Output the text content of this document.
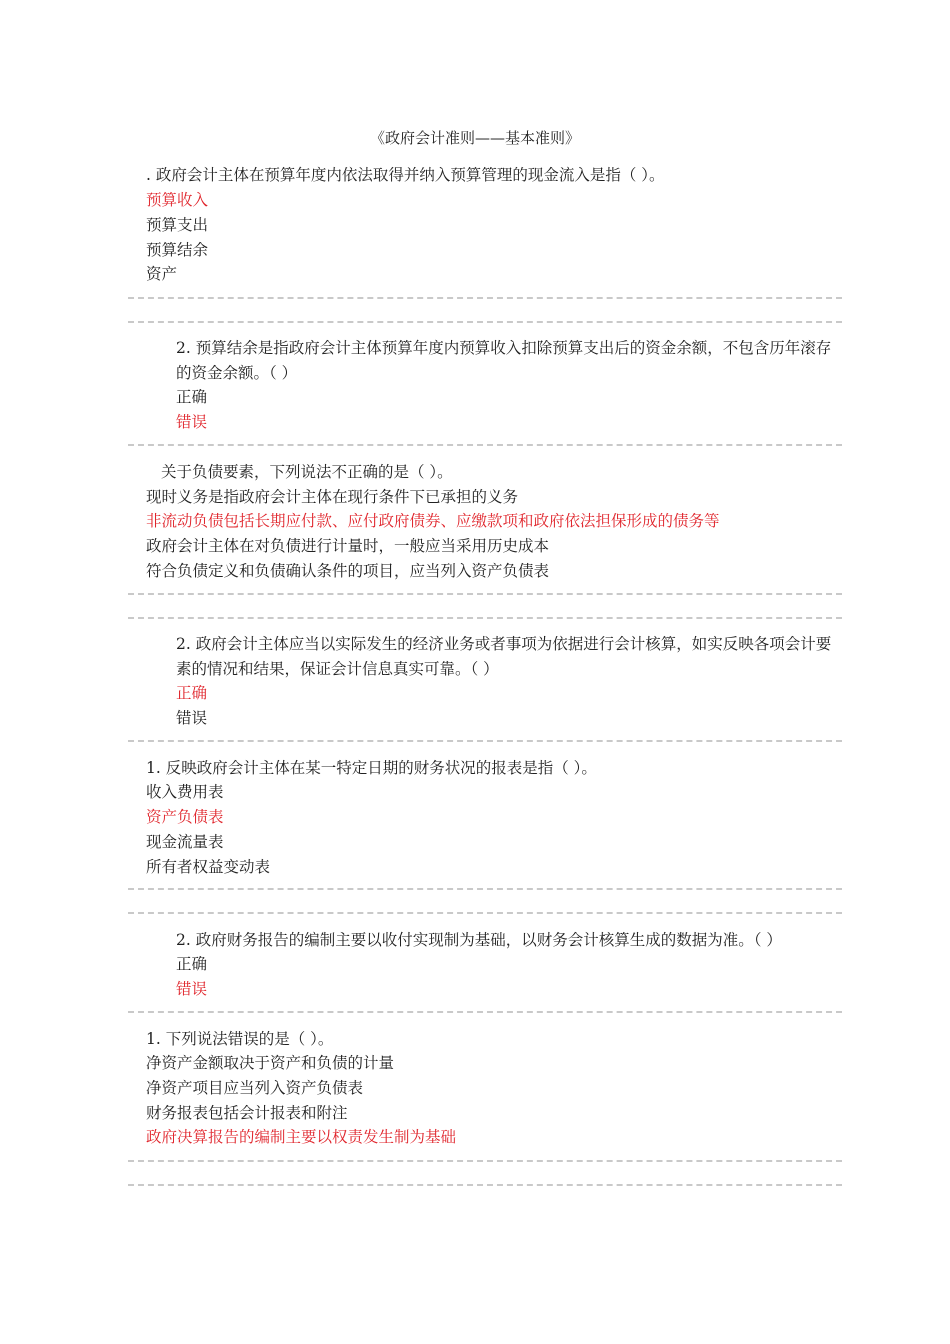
《政府会计准则——基本准则》
. 政府会计主体在预算年度内依法取得并纳入预算管理的现金流入是指（ ）。
预算收入
预算支出
预算结余
资产
2. 预算结余是指政府会计主体预算年度内预算收入扣除预算支出后的资金余额，不包含历年滚存的资金余额。（ ）
正确
错误
关于负债要素，下列说法不正确的是（ ）。
现时义务是指政府会计主体在现行条件下已承担的义务
非流动负债包括长期应付款、应付政府债券、应缴款项和政府依法担保形成的债务等
政府会计主体在对负债进行计量时，一般应当采用历史成本
符合负债定义和负债确认条件的项目，应当列入资产负债表
2. 政府会计主体应当以实际发生的经济业务或者事项为依据进行会计核算，如实反映各项会计要素的情况和结果，保证会计信息真实可靠。（ ）
正确
错误
1. 反映政府会计主体在某一特定日期的财务状况的报表是指（ ）。
收入费用表
资产负债表
现金流量表
所有者权益变动表
2. 政府财务报告的编制主要以收付实现制为基础，以财务会计核算生成的数据为准。（ ）
正确
错误
1. 下列说法错误的是（ ）。
净资产金额取决于资产和负债的计量
净资产项目应当列入资产负债表
财务报表包括会计报表和附注
政府决算报告的编制主要以权责发生制为基础
